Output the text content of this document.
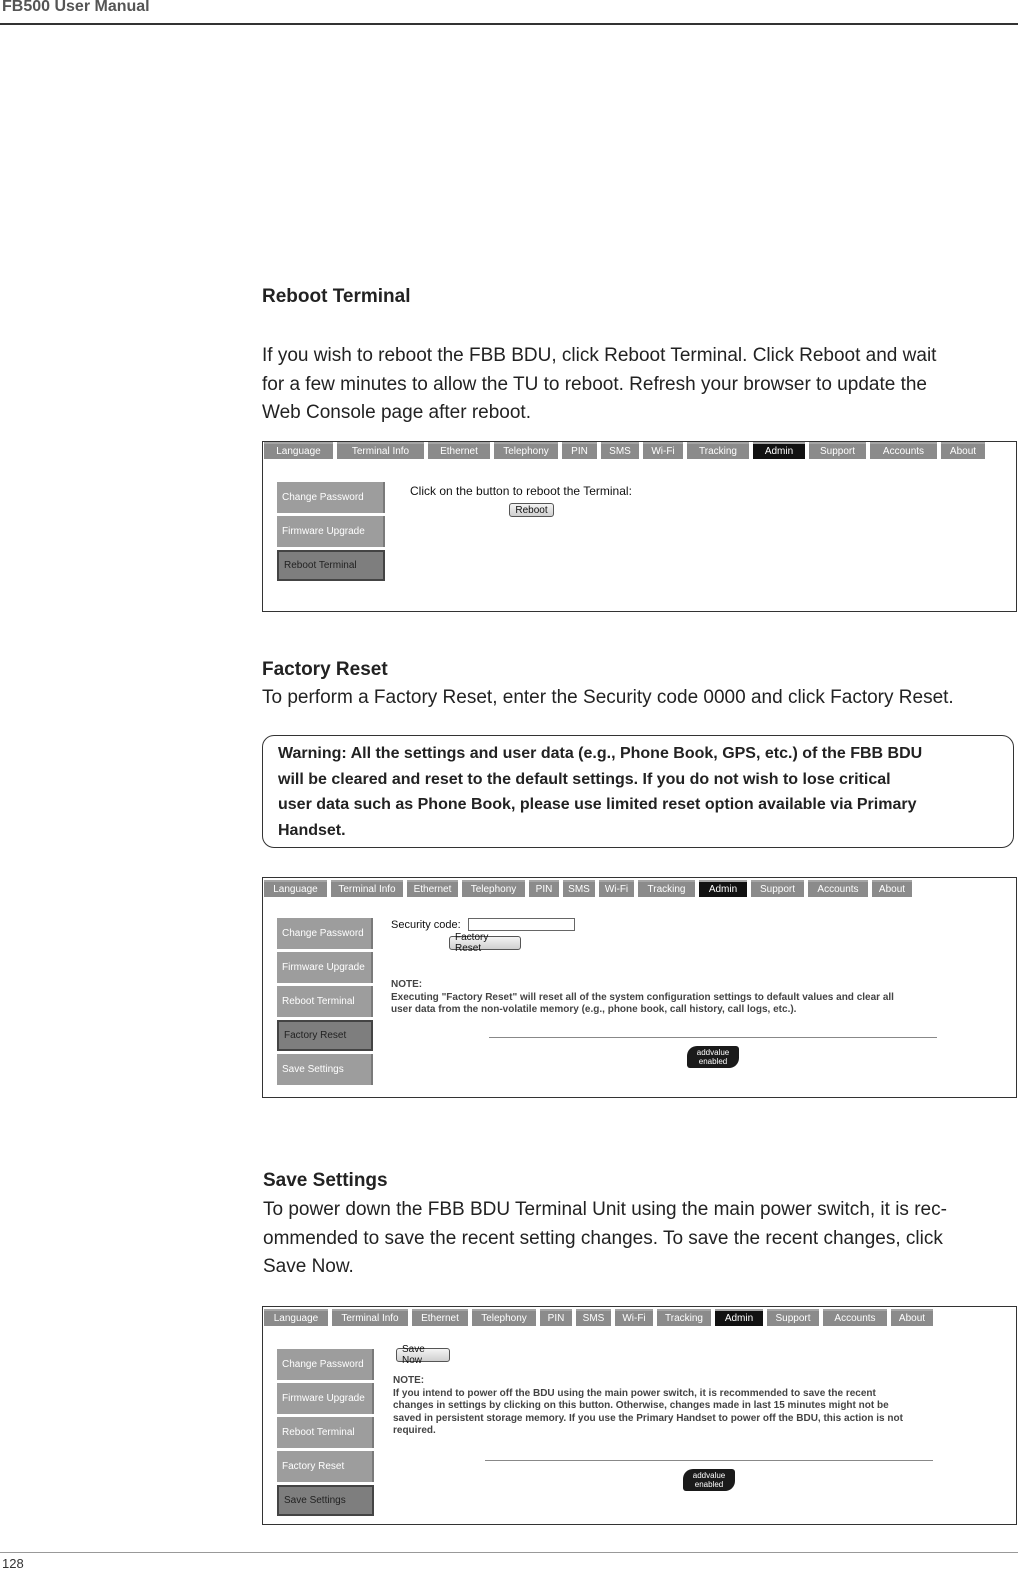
FB500 User Manual
128
Reboot Terminal
If you wish to reboot the FBB BDU, click Reboot Terminal. Click Reboot and wait
for a few minutes to allow the TU to reboot. Refresh your browser to update the
Web Console page after reboot.
Language	Terminal Info	Ethernet	Telephony	PIN	SMS	Wi-Fi	Tracking	Admin	Support	Accounts	About
Change Password
Firmware Upgrade
Reboot Terminal
Click on the button to reboot the Terminal:
Reboot
Factory Reset
To perform a Factory Reset, enter the Security code 0000 and click Factory Reset.
Warning: All the settings and user data (e.g., Phone Book, GPS, etc.) of the FBB BDU
will be cleared and reset to the default settings. If you do not wish to lose critical
user data such as Phone Book, please use limited reset option available via Primary
Handset.
Language	Terminal Info	Ethernet	Telephony	PIN	SMS	Wi-Fi	Tracking	Admin	Support	Accounts	About
Change Password
Firmware Upgrade
Reboot Terminal
Factory Reset
Save Settings
Security code:
Factory Reset
NOTE:
Executing "Factory Reset" will reset all of the system configuration settings to default values and clear all
user data from the non-volatile memory (e.g., phone book, call history, call logs, etc.).
addvalue
enabled
Save Settings
To power down the FBB BDU Terminal Unit using the main power switch, it is rec-
ommended to save the recent setting changes. To save the recent changes, click
Save Now.
Language	Terminal Info	Ethernet	Telephony	PIN	SMS	Wi-Fi	Tracking	Admin	Support	Accounts	About
Change Password
Firmware Upgrade
Reboot Terminal
Factory Reset
Save Settings
Save Now
NOTE:
If you intend to power off the BDU using the main power switch, it is recommended to save the recent
changes in settings by clicking on this button. Otherwise, changes made in last 15 minutes might not be
saved in persistent storage memory. If you use the Primary Handset to power off the BDU, this action is not
required.
addvalue
enabled
